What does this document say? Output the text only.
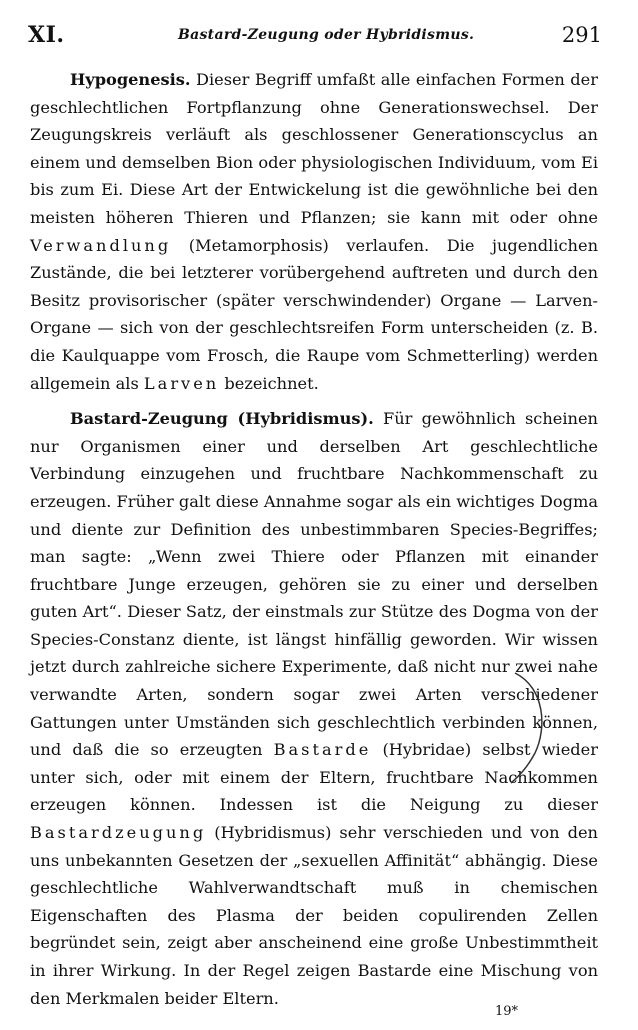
XI.	Bastard-Zeugung oder Hybridismus.	291

Hypogenesis. Dieser Begriff umfaßt alle einfachen Formen der geschlechtlichen Fortpflanzung ohne Generationswechsel. Der Zeugungskreis verläuft als geschlossener Generationscyclus an einem und demselben Bion oder physiologischen Individuum, vom Ei bis zum Ei. Diese Art der Entwickelung ist die gewöhnliche bei den meisten höheren Thieren und Pflanzen; sie kann mit oder ohne Verwandlung (Metamorphosis) verlaufen. Die jugendlichen Zustände, die bei letzterer vorübergehend auftreten und durch den Besitz provisorischer (später verschwindender) Organe — Larven-Organe — sich von der geschlechtsreifen Form unterscheiden (z. B. die Kaulquappe vom Frosch, die Raupe vom Schmetterling) werden allgemein als Larven bezeichnet.

Bastard-Zeugung (Hybridismus). Für gewöhnlich scheinen nur Organismen einer und derselben Art geschlechtliche Verbindung einzugehen und fruchtbare Nachkommenschaft zu erzeugen. Früher galt diese Annahme sogar als ein wichtiges Dogma und diente zur Definition des unbestimmbaren Species-Begriffes; man sagte: „Wenn zwei Thiere oder Pflanzen mit einander fruchtbare Junge erzeugen, gehören sie zu einer und derselben guten Art“. Dieser Satz, der einstmals zur Stütze des Dogma von der Species-Constanz diente, ist längst hinfällig geworden. Wir wissen jetzt durch zahlreiche sichere Experimente, daß nicht nur zwei nahe verwandte Arten, sondern sogar zwei Arten verschiedener Gattungen unter Umständen sich geschlechtlich verbinden können, und daß die so erzeugten Bastarde (Hybridae) selbst wieder unter sich, oder mit einem der Eltern, fruchtbare Nachkommen erzeugen können. Indessen ist die Neigung zu dieser Bastardzeugung (Hybridismus) sehr verschieden und von den uns unbekannten Gesetzen der „sexuellen Affinität“ abhängig. Diese geschlechtliche Wahlverwandtschaft muß in chemischen Eigenschaften des Plasma der beiden copulirenden Zellen begründet sein, zeigt aber anscheinend eine große Unbestimmtheit in ihrer Wirkung. In der Regel zeigen Bastarde eine Mischung von den Merkmalen beider Eltern.

19*
